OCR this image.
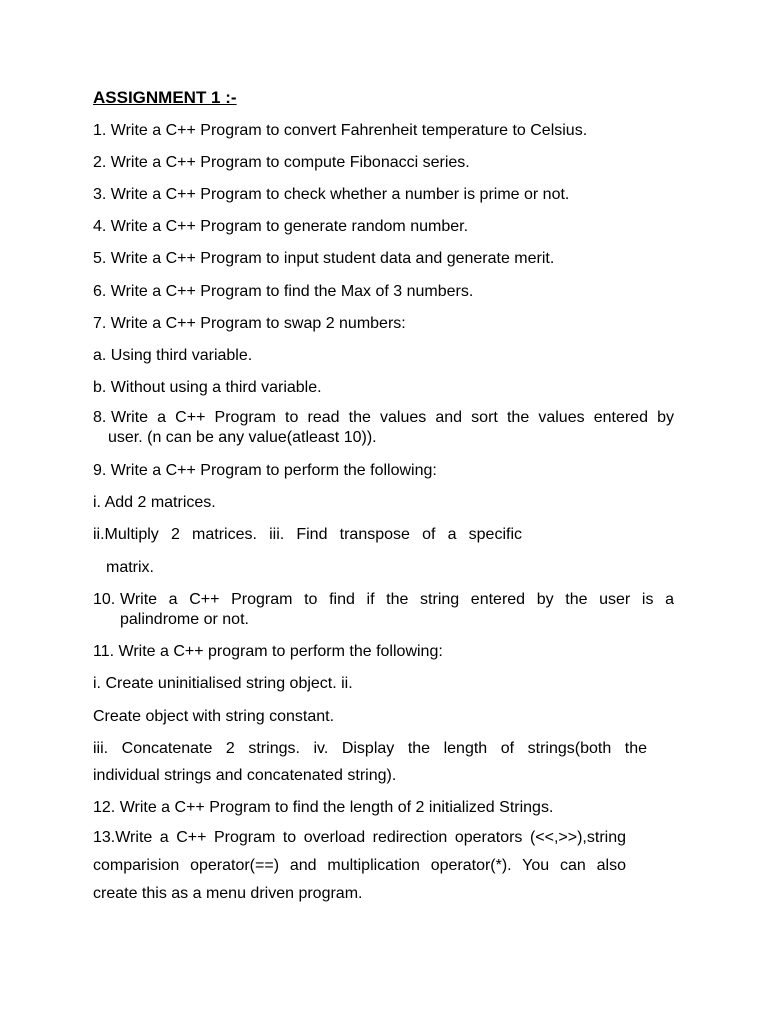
ASSIGNMENT 1 :-
1. Write a C++ Program to convert Fahrenheit temperature to Celsius.
2. Write a C++ Program to compute Fibonacci series.
3. Write a C++ Program to check whether a number is prime or not.
4. Write a C++ Program to generate random number.
5. Write a C++ Program to input student data and generate merit.
6. Write a C++ Program to find the Max of 3 numbers.
7. Write a C++ Program to swap 2 numbers:
a. Using third variable.
b. Without using a third variable.
8. Write a C++ Program to read the values and sort the values entered by
user. (n can be any value(atleast 10)).
9. Write a C++ Program to perform the following:
i. Add 2 matrices.
ii.Multiply 2 matrices. iii. Find transpose of a specific
matrix.
10. Write a C++ Program to find if the string entered by the user is a
palindrome or not.
11. Write a C++ program to perform the following:
i. Create uninitialised string object. ii.
Create object with string constant.
iii. Concatenate 2 strings. iv. Display the length of strings(both the
individual strings and concatenated string).
12. Write a C++ Program to find the length of 2 initialized Strings.
13.Write a C++ Program to overload redirection operators (<<,>>),string
comparision operator(==) and multiplication operator(*). You can also
create this as a menu driven program.
